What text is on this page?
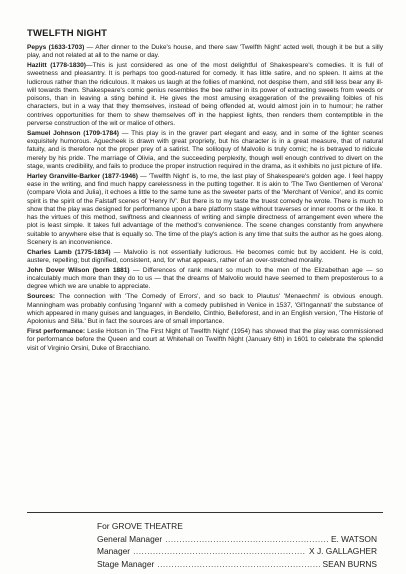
TWELFTH NIGHT

Pepys (1633-1703) — After dinner to the Duke's house, and there saw 'Twelfth Night' acted well, though it be but a silly play, and not related at all to the name or day.

Hazlitt (1778-1830)—This is just considered as one of the most delightful of Shakespeare's comedies. It is full of sweetness and pleasantry. It is perhaps too good-natured for comedy. It has little satire, and no spleen. It aims at the ludicrous rather than the ridiculous. It makes us laugh at the follies of mankind, not despise them, and still less bear any ill-will towards them. Shakespeare's comic genius resembles the bee rather in its power of extracting sweets from weeds or poisons, than in leaving a sting behind it. He gives the most amusing exaggeration of the prevailing foibles of his characters, but in a way that they themselves, instead of being offended at, would almost join in to humour; he rather contrives opportunities for them to shew themselves off in the happiest lights, then renders them contemptible in the perverse construction of the wit or malice of others.

Samuel Johnson (1709-1784) — This play is in the graver part elegant and easy, and in some of the lighter scenes exquisitely humorous. Aguecheek is drawn with great propriety, but his character is in a great measure, that of natural fatuity, and is therefore not the proper prey of a satirist. The soliloquy of Malvolio is truly comic; he is betrayed to ridicule merely by his pride. The marriage of Olivia, and the succeeding perplexity, though well enough contrived to divert on the stage, wants credibility, and fails to produce the proper instruction required in the drama, as it exhibits no just picture of life.

Harley Granville-Barker (1877-1946) — 'Twelfth Night' is, to me, the last play of Shakespeare's golden age. I feel happy ease in the writing, and find much happy carelessness in the putting together. It is akin to 'The Two Gentlemen of Verona' (compare Viola and Julia), it echoes a little to the same tune as the sweeter parts of the 'Merchant of Venice', and its comic spirit is the spirit of the Falstaff scenes of 'Henry IV'. But there is to my taste the truest comedy he wrote. There is much to show that the play was designed for performance upon a bare platform stage without traverses or inner rooms or the like. It has the virtues of this method, swiftness and cleanness of writing and simple directness of arrangement even where the plot is least simple. It takes full advantage of the method's convenience. The scene changes constantly from anywhere suitable to anywhere else that is equally so. The time of the play's action is any time that suits the author as he goes along. Scenery is an inconvenience.

Charles Lamb (1775-1834) — Malvolio is not essentially ludicrous. He becomes comic but by accident. He is cold, austere, repelling; but dignified, consistent, and, for what appears, rather of an over-stretched morality.

John Dover Wilson (born 1881) — Differences of rank meant so much to the men of the Elizabethan age — so incalculably much more than they do to us — that the dreams of Malvolio would have seemed to them preposterous to a degree which we are unable to appreciate.

Sources: The connection with 'The Comedy of Errors', and so back to Plautus' 'Menaechmi' is obvious enough. Manningham was probably confusing 'Inganni' with a comedy published in Venice in 1537, 'Gl'Ingannati' the substance of which appeared in many guises and languages, in Bendello, Cinthio, Belleforest, and in an English version, 'The Historie of Apolonius and Silla.' But in fact the sources are of small importance.

First performance: Leslie Hotson in 'The First Night of Twelfth Night' (1954) has showed that the play was commissioned for performance before the Queen and court at Whitehall on Twelfth Night (January 6th) in 1601 to celebrate the splendid visit of Virginio Orsini, Duke of Bracchiano.

For GROVE THEATRE
General Manager .....	E. WATSON
Manager .....	X J. GALLAGHER
Stage Manager .....	SEAN BURNS
